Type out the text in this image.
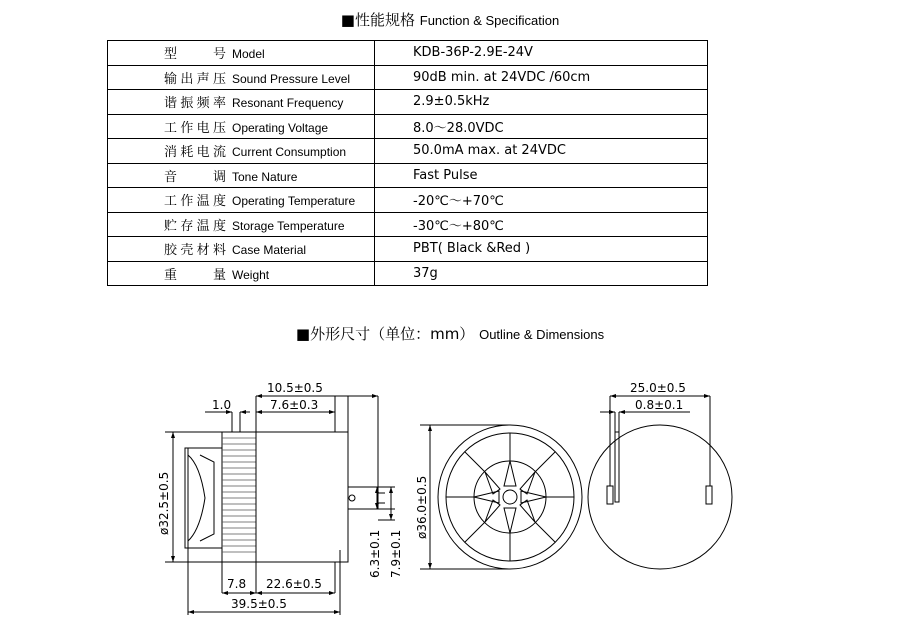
■性能规格 Function & Specification
型号 Model	KDB-36P-2.9E-24V
输出声压 Sound Pressure Level	90dB min. at 24VDC /60cm
谐振频率 Resonant Frequency	2.9±0.5kHz
工作电压 Operating Voltage	8.0～28.0VDC
消耗电流 Current Consumption	50.0mA max. at 24VDC
音调 Tone Nature	Fast Pulse
工作温度 Operating Temperature	-20℃～+70℃
贮存温度 Storage Temperature	-30℃～+80℃
胶壳材料 Case Material	PBT( Black &Red )
重量 Weight	37g
■外形尺寸（单位：mm） Outline & Dimensions
10.5±0.5
7.6±0.3
1.0
ø32.5±0.5
6.3±0.1 7.9±0.1
7.8 22.6±0.5
39.5±0.5
ø36.0±0.5
25.0±0.5
0.8±0.1
